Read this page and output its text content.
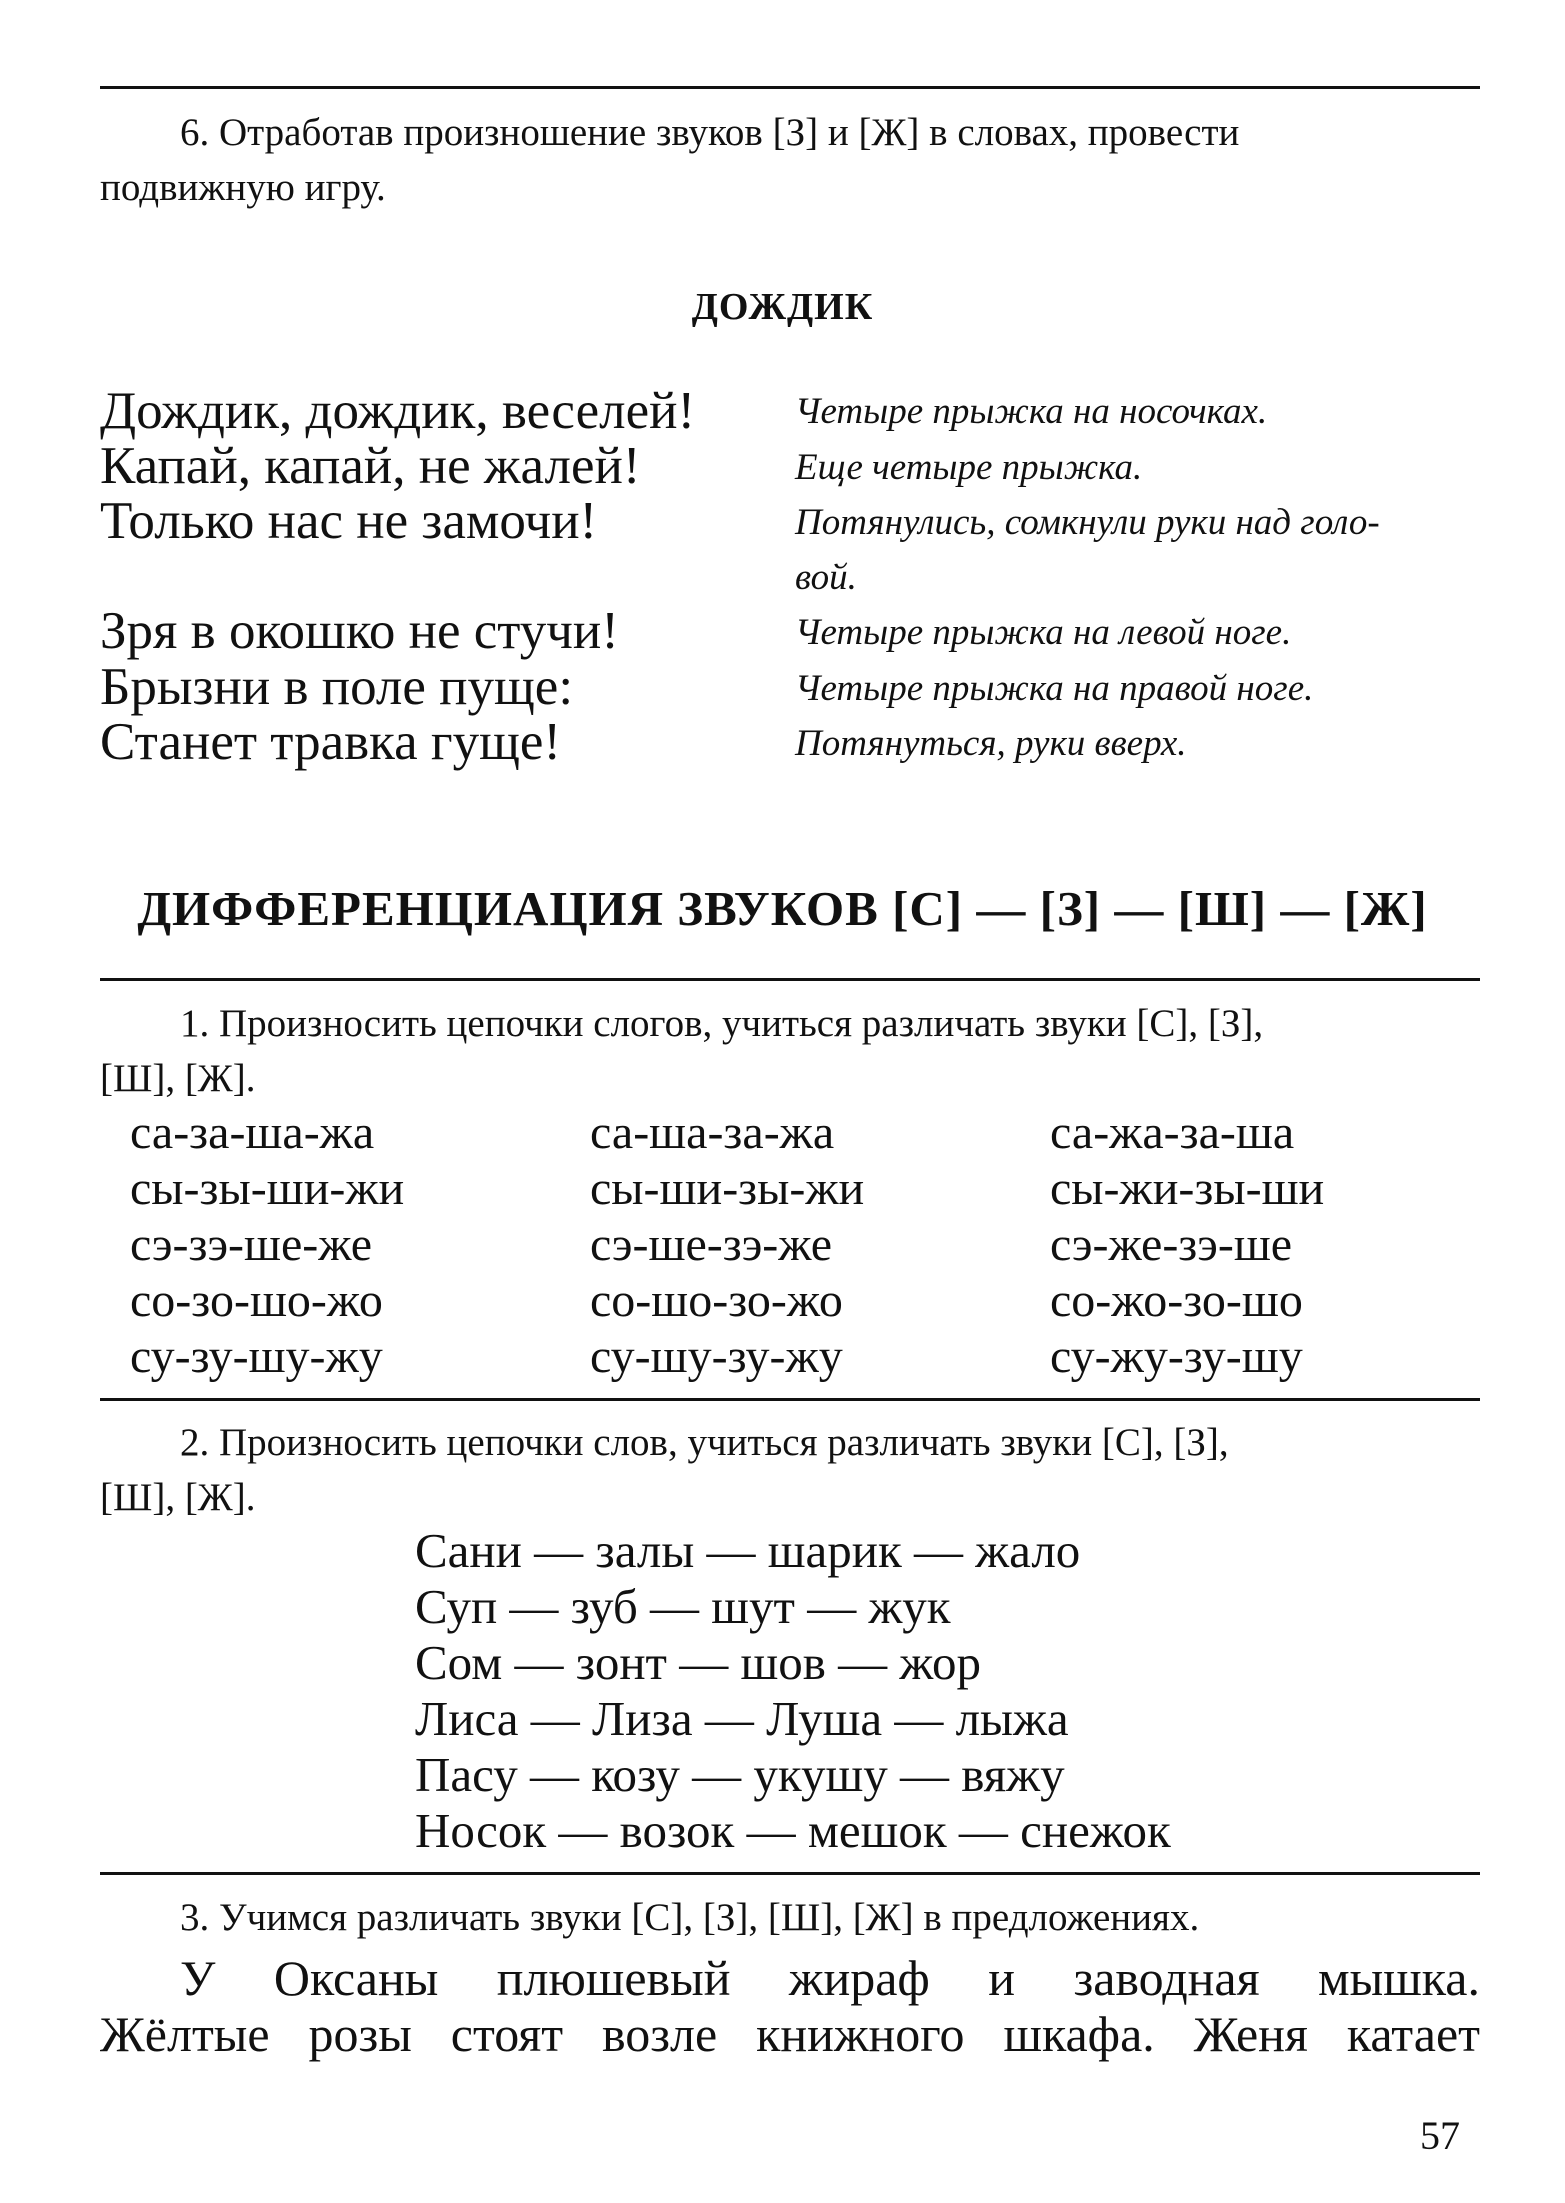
6. Отработав произношение звуков [З] и [Ж] в словах, провести
подвижную игру.
ДОЖДИК
Дождик, дождик, веселей!
Капай, капай, не жалей!
Только нас не замочи!
Зря в окошко не стучи!
Брызни в поле пуще:
Станет травка гуще!
Четыре прыжка на носочках.
Еще четыре прыжка.
Потянулись, сомкнули руки над голо-
вой.
Четыре прыжка на левой ноге.
Четыре прыжка на правой ноге.
Потянуться, руки вверх.
ДИФФЕРЕНЦИАЦИЯ ЗВУКОВ [С] — [З] — [Ш] — [Ж]
1. Произносить цепочки слогов, учиться различать звуки [С], [З],
[Ш], [Ж].
са-за-ша-жа
сы-зы-ши-жи
сэ-зэ-ше-же
со-зо-шо-жо
су-зу-шу-жу
са-ша-за-жа
сы-ши-зы-жи
сэ-ше-зэ-же
со-шо-зо-жо
су-шу-зу-жу
са-жа-за-ша
сы-жи-зы-ши
сэ-же-зэ-ше
со-жо-зо-шо
су-жу-зу-шу
2. Произносить цепочки слов, учиться различать звуки [С], [З],
[Ш], [Ж].
Сани — залы — шарик — жало
Суп — зуб — шут — жук
Сом — зонт — шов — жор
Лиса — Лиза — Луша — лыжа
Пасу — козу — укушу — вяжу
Носок — возок — мешок — снежок
3. Учимся различать звуки [С], [З], [Ш], [Ж] в предложениях.
У Оксаны плюшевый жираф и заводная мышка.
Жёлтые розы стоят возле книжного шкафа. Женя катает
57
